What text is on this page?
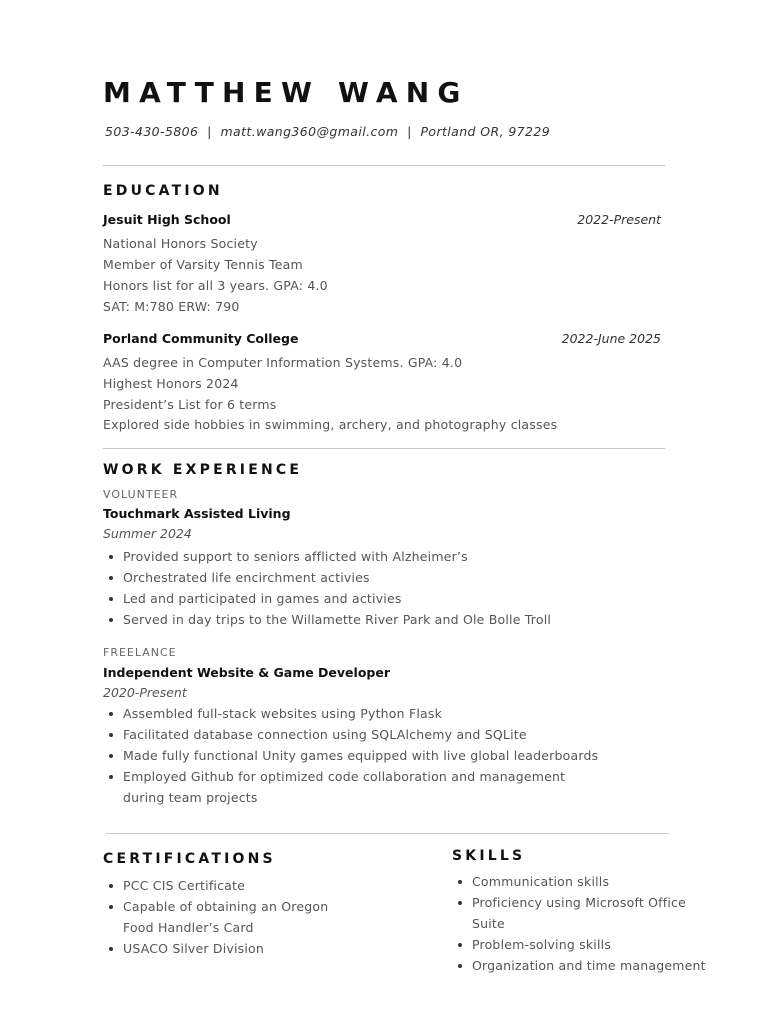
MATTHEW WANG
503-430-5806  |  matt.wang360@gmail.com  |  Portland OR, 97229
EDUCATION
Jesuit High School	2022-Present
National Honors Society
Member of Varsity Tennis Team
Honors list for all 3 years. GPA: 4.0
SAT: M:780 ERW: 790
Porland Community College	2022-June 2025
AAS degree in Computer Information Systems. GPA: 4.0
Highest Honors 2024
President’s List for 6 terms
Explored side hobbies in swimming, archery, and photography classes
WORK EXPERIENCE
VOLUNTEER
Touchmark Assisted Living
Summer 2024
Provided support to seniors afflicted with Alzheimer’s
Orchestrated life encirchment activies
Led and participated in games and activies
Served in day trips to the Willamette River Park and Ole Bolle Troll
FREELANCE
Independent Website & Game Developer
2020-Present
Assembled full-stack websites using Python Flask
Facilitated database connection using SQLAlchemy and SQLite
Made fully functional Unity games equipped with live global leaderboards
Employed Github for optimized code collaboration and management during team projects
CERTIFICATIONS
PCC CIS Certificate
Capable of obtaining an Oregon Food Handler’s Card
USACO Silver Division
SKILLS
Communication skills
Proficiency using Microsoft Office Suite
Problem-solving skills
Organization and time management
